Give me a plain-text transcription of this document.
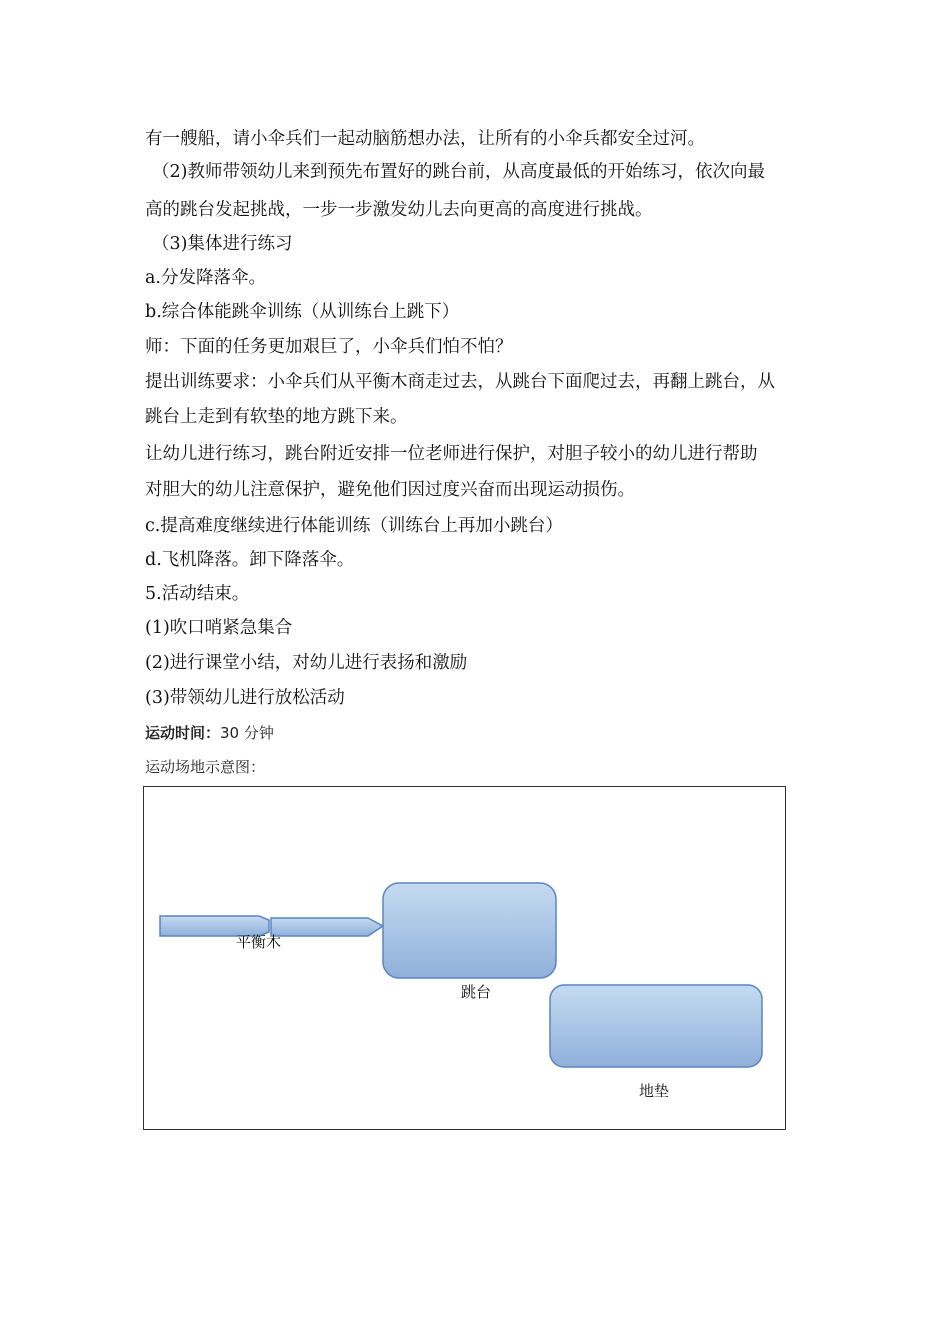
有一艘船，请小伞兵们一起动脑筋想办法，让所有的小伞兵都安全过河。
（2)教师带领幼儿来到预先布置好的跳台前，从高度最低的开始练习，依次向最
高的跳台发起挑战，一步一步激发幼儿去向更高的高度进行挑战。
（3)集体进行练习
a.分发降落伞。
b.综合体能跳伞训练（从训练台上跳下）
师：下面的任务更加艰巨了，小伞兵们怕不怕？
提出训练要求：小伞兵们从平衡木商走过去，从跳台下面爬过去，再翻上跳台，从
跳台上走到有软垫的地方跳下来。
让幼儿进行练习，跳台附近安排一位老师进行保护，对胆子较小的幼儿进行帮助
对胆大的幼儿注意保护，避免他们因过度兴奋而出现运动损伤。
c.提高难度继续进行体能训练（训练台上再加小跳台）
d.飞机降落。卸下降落伞。
5.活动结束。
(1)吹口哨紧急集合
(2)进行课堂小结，对幼儿进行表扬和激励
(3)带领幼儿进行放松活动
运动时间：30 分钟
运动场地示意图：
平衡木
跳台
地垫
